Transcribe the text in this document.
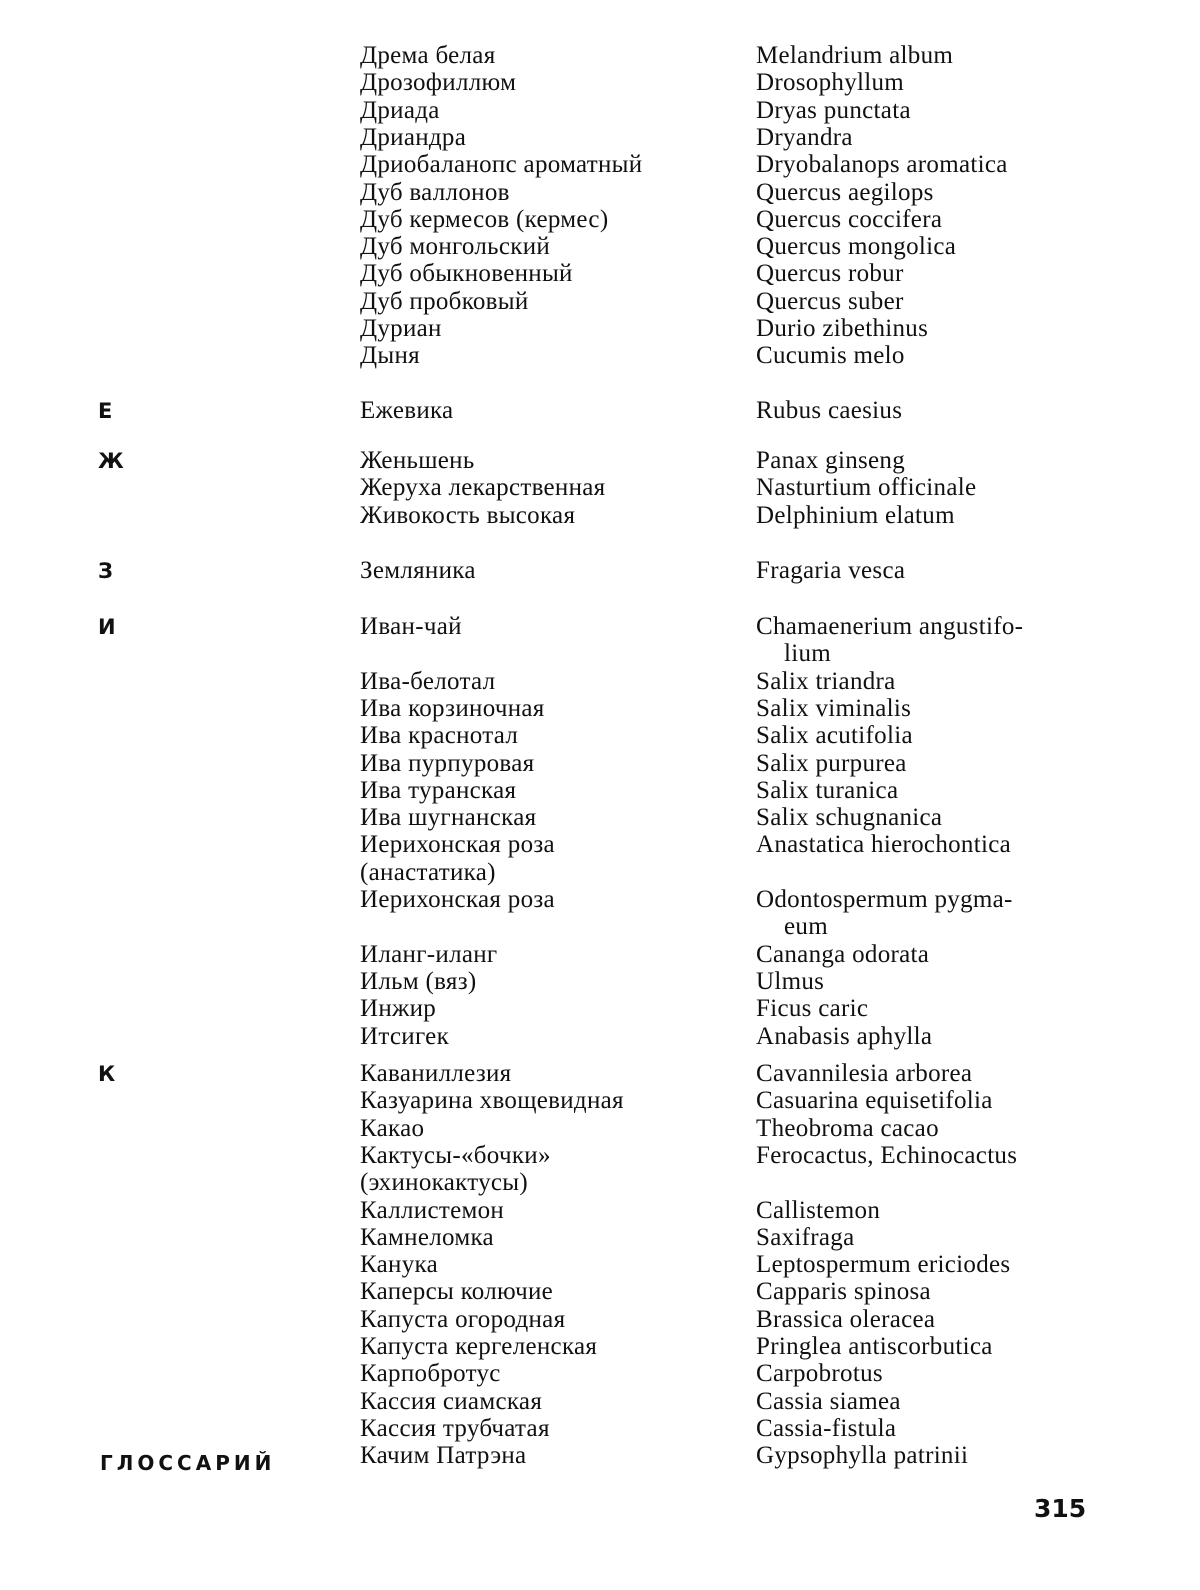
Дрема белая	Melandrium album
Дрозофиллюм	Drosophyllum
Дриада	Dryas punctata
Дриандра	Dryandra
Дриобаланопс ароматный	Dryobalanops aromatica
Дуб валлонов	Quercus aegilops
Дуб кермесов (кермес)	Quercus coccifera
Дуб монгольский	Quercus mongolica
Дуб обыкновенный	Quercus robur
Дуб пробковый	Quercus suber
Дуриан	Durio zibethinus
Дыня	Cucumis melo
Е	Ежевика	Rubus caesius
Ж	Женьшень	Panax ginseng
Жеруха лекарственная	Nasturtium officinale
Живокость высокая	Delphinium elatum
З	Земляника	Fragaria vesca
И	Иван-чай	Chamaenerium angustifo-
lium
Ива-белотал	Salix triandra
Ива корзиночная	Salix viminalis
Ива краснотал	Salix acutifolia
Ива пурпуровая	Salix purpurea
Ива туранская	Salix turanica
Ива шугнанская	Salix schugnanica
Иерихонская роза	Anastatica hierochontica
(анастатика)
Иерихонская роза	Odontospermum pygma-
eum
Иланг-иланг	Cananga odorata
Ильм (вяз)	Ulmus
Инжир	Ficus caric
Итсигек	Anabasis aphylla
К	Каваниллезия	Cavannilesia arborea
Казуарина хвощевидная	Casuarina equisetifolia
Какао	Theobroma cacao
Кактусы-«бочки»	Ferocactus, Echinocactus
(эхинокактусы)
Каллистемон	Callistemon
Камнеломка	Saxifraga
Канука	Leptospermum ericiodes
Каперсы колючие	Capparis spinosa
Капуста огородная	Brassica oleracea
Капуста кергеленская	Pringlea antiscorbutica
Карпобротус	Carpobrotus
Кассия сиамская	Cassia siamea
Кассия трубчатая	Cassia-fistula
Качим Патрэна	Gypsophylla patrinii
ГЛОССАРИЙ
315
